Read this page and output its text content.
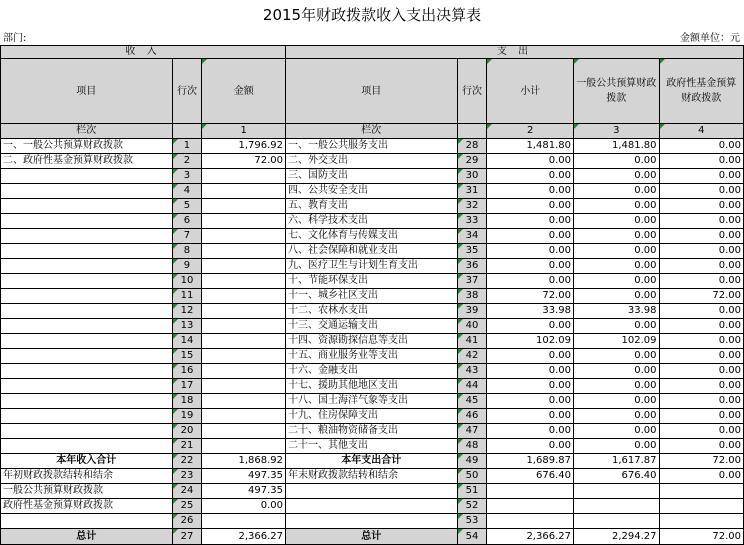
2015年财政拨款收入支出决算表
部门:	金额单位：元
收 入			支 出				
项目	行次	金额	项目	行次	小计	一般公共预算财政拨款	政府性基金预算财政拨款
栏次		1	栏次		2	3	4
一、一般公共预算财政拨款	1	1,796.92	一、一般公共服务支出	28	1,481.80	1,481.80	0.00
二、政府性基金预算财政拨款	2	72.00	二、外交支出	29	0.00	0.00	0.00
	3		三、国防支出	30	0.00	0.00	0.00
	4		四、公共安全支出	31	0.00	0.00	0.00
	5		五、教育支出	32	0.00	0.00	0.00
	6		六、科学技术支出	33	0.00	0.00	0.00
	7		七、文化体育与传媒支出	34	0.00	0.00	0.00
	8		八、社会保障和就业支出	35	0.00	0.00	0.00
	9		九、医疗卫生与计划生育支出	36	0.00	0.00	0.00
	10		十、节能环保支出	37	0.00	0.00	0.00
	11		十一、城乡社区支出	38	72.00	0.00	72.00
	12		十二、农林水支出	39	33.98	33.98	0.00
	13		十三、交通运输支出	40	0.00	0.00	0.00
	14		十四、资源勘探信息等支出	41	102.09	102.09	0.00
	15		十五、商业服务业等支出	42	0.00	0.00	0.00
	16		十六、金融支出	43	0.00	0.00	0.00
	17		十七、援助其他地区支出	44	0.00	0.00	0.00
	18		十八、国土海洋气象等支出	45	0.00	0.00	0.00
	19		十九、住房保障支出	46	0.00	0.00	0.00
	20		二十、粮油物资储备支出	47	0.00	0.00	0.00
	21		二十一、其他支出	48	0.00	0.00	0.00
本年收入合计	22	1,868.92	本年支出合计	49	1,689.87	1,617.87	72.00
年初财政拨款结转和结余	23	497.35	年末财政拨款结转和结余	50	676.40	676.40	0.00
一般公共预算财政拨款	24	497.35		51			
政府性基金预算财政拨款	25	0.00		52			
	26			53			
总计	27	2,366.27	总计	54	2,366.27	2,294.27	72.00
